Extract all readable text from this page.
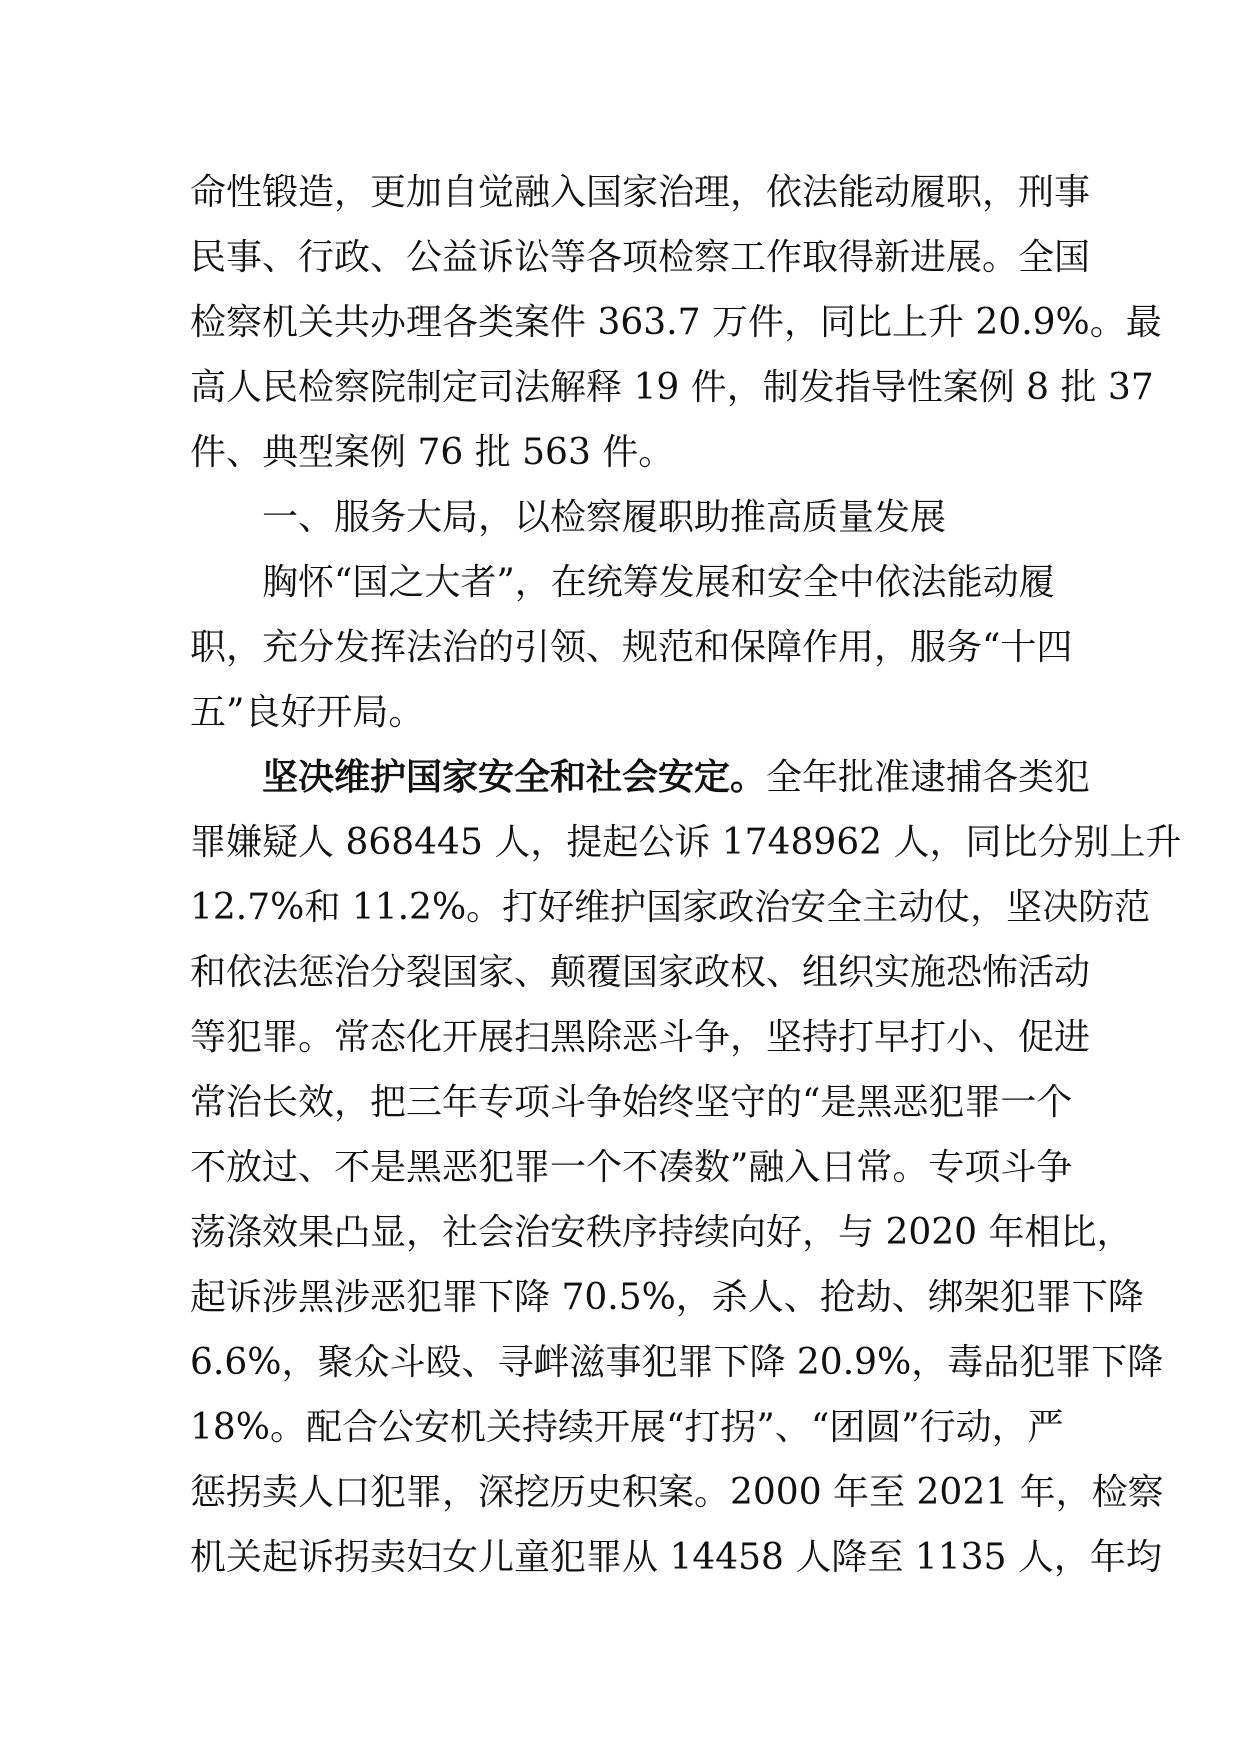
命性锻造，更加自觉融入国家治理，依法能动履职，刑事
民事、行政、公益诉讼等各项检察工作取得新进展。全国
检察机关共办理各类案件 363.7 万件，同比上升 20.9%。最
高人民检察院制定司法解释 19 件，制发指导性案例 8 批 37
件、典型案例 76 批 563 件。
一、服务大局，以检察履职助推高质量发展
胸怀“国之大者”，在统筹发展和安全中依法能动履
职，充分发挥法治的引领、规范和保障作用，服务“十四
五”良好开局。
坚决维护国家安全和社会安定。全年批准逮捕各类犯
罪嫌疑人 868445 人，提起公诉 1748962 人，同比分别上升
12.7%和 11.2%。打好维护国家政治安全主动仗，坚决防范
和依法惩治分裂国家、颠覆国家政权、组织实施恐怖活动
等犯罪。常态化开展扫黑除恶斗争，坚持打早打小、促进
常治长效，把三年专项斗争始终坚守的“是黑恶犯罪一个
不放过、不是黑恶犯罪一个不凑数”融入日常。专项斗争
荡涤效果凸显，社会治安秩序持续向好，与 2020 年相比，
起诉涉黑涉恶犯罪下降 70.5%，杀人、抢劫、绑架犯罪下降
6.6%，聚众斗殴、寻衅滋事犯罪下降 20.9%，毒品犯罪下降
18%。配合公安机关持续开展“打拐”、“团圆”行动，严
惩拐卖人口犯罪，深挖历史积案。2000 年至 2021 年，检察
机关起诉拐卖妇女儿童犯罪从 14458 人降至 1135 人，年均
